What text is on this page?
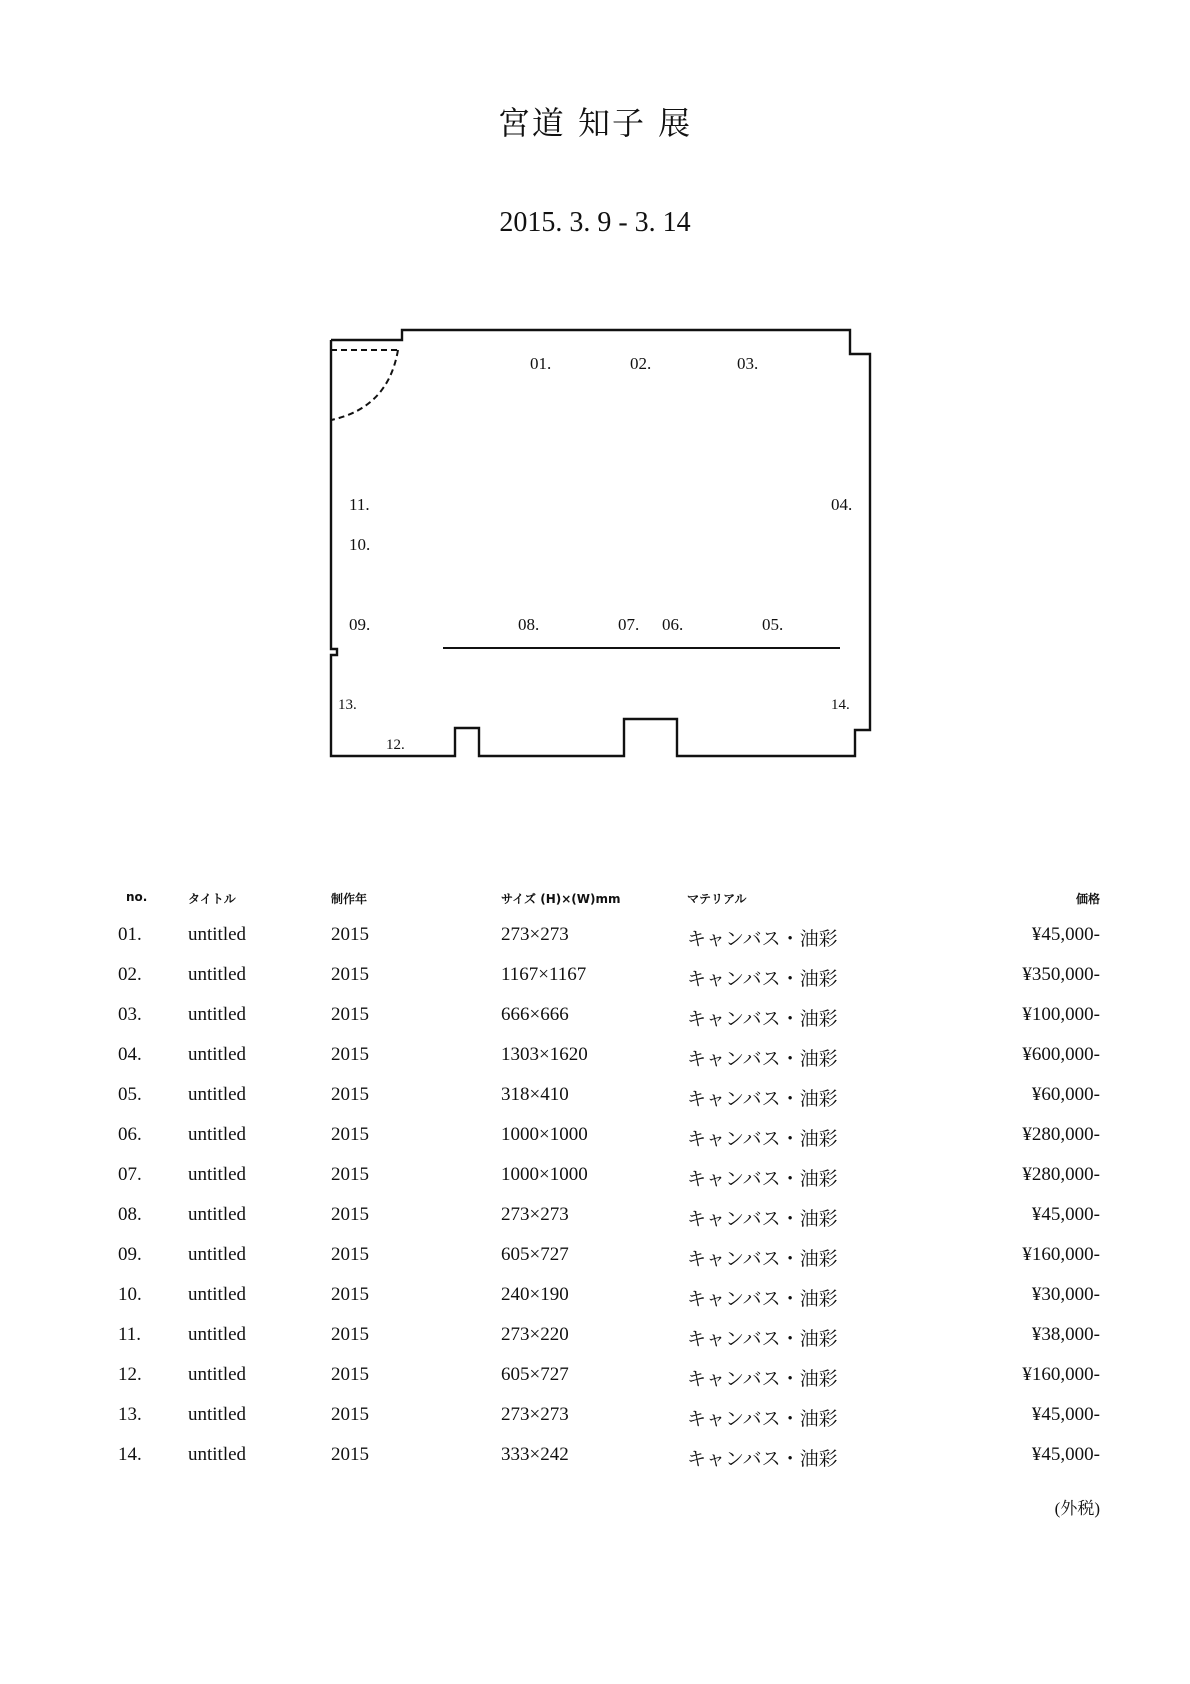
宮道 知子 展
2015. 3. 9 - 3. 14
01.	02.	03.
04.
05.
06.
07.
08.
09.
10.
11.
12.
13.	14.
no.	タイトル	制作年	サイズ (H)×(W)mm	マテリアル	価格
01. untitled	2015	273×273	キャンバス・油彩	¥45,000-
02. untitled	2015	1167×1167	キャンバス・油彩	¥350,000-
03. untitled	2015	666×666	キャンバス・油彩	¥100,000-
04. untitled	2015	1303×1620	キャンバス・油彩	¥600,000-
05. untitled	2015	318×410	キャンバス・油彩	¥60,000-
06. untitled	2015	1000×1000	キャンバス・油彩	¥280,000-
07. untitled	2015	1000×1000	キャンバス・油彩	¥280,000-
08. untitled	2015	273×273	キャンバス・油彩	¥45,000-
09. untitled	2015	605×727	キャンバス・油彩	¥160,000-
10. untitled	2015	240×190	キャンバス・油彩	¥30,000-
11. untitled	2015	273×220	キャンバス・油彩	¥38,000-
12. untitled	2015	605×727	キャンバス・油彩	¥160,000-
13. untitled	2015	273×273	キャンバス・油彩	¥45,000-
14. untitled	2015	333×242	キャンバス・油彩	¥45,000-
(外税)
